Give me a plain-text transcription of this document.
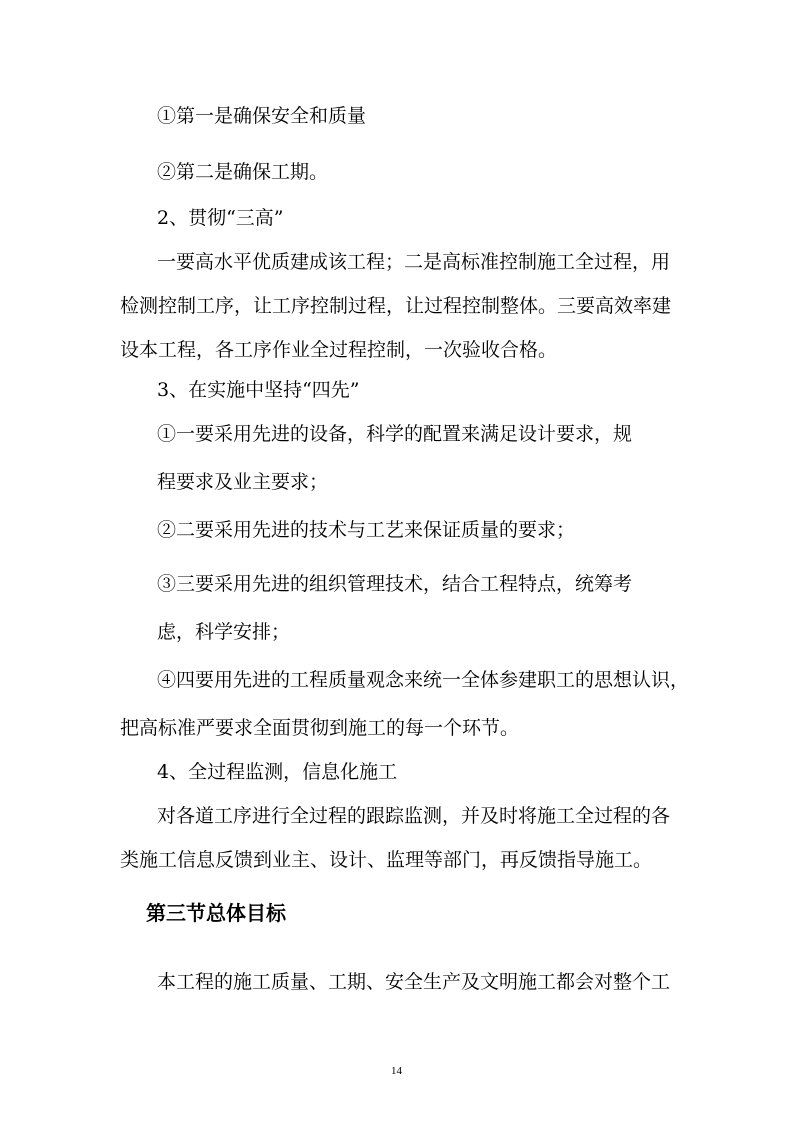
①第一是确保安全和质量
②第二是确保工期。
2、贯彻“三高”
一要高水平优质建成该工程；二是高标准控制施工全过程，用
检测控制工序，让工序控制过程，让过程控制整体。三要高效率建
设本工程，各工序作业全过程控制，一次验收合格。
3、在实施中坚持“四先”
①一要采用先进的设备，科学的配置来满足设计要求，规
程要求及业主要求；
②二要采用先进的技术与工艺来保证质量的要求；
③三要采用先进的组织管理技术，结合工程特点，统筹考
虑，科学安排；
④四要用先进的工程质量观念来统一全体参建职工的思想认识，
把高标准严要求全面贯彻到施工的每一个环节。
4、全过程监测，信息化施工
对各道工序进行全过程的跟踪监测，并及时将施工全过程的各
类施工信息反馈到业主、设计、监理等部门，再反馈指导施工。
第三节总体目标
本工程的施工质量、工期、安全生产及文明施工都会对整个工
14
